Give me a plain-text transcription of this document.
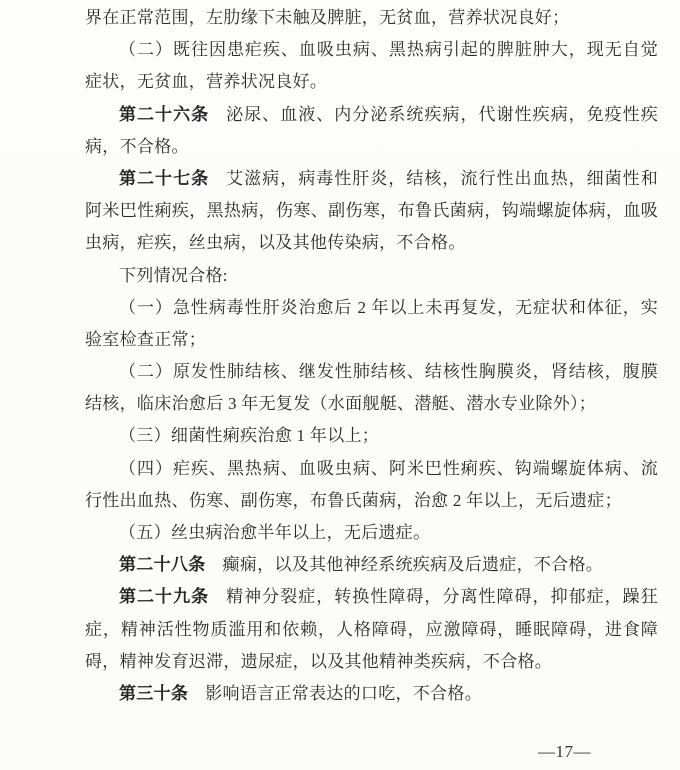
界在正常范围，左肋缘下未触及脾脏，无贫血，营养状况良好；
（二）既往因患疟疾、血吸虫病、黑热病引起的脾脏肿大，现无自觉
症状，无贫血，营养状况良好。
第二十六条 泌尿、血液、内分泌系统疾病，代谢性疾病，免疫性疾
病，不合格。
第二十七条 艾滋病，病毒性肝炎，结核，流行性出血热，细菌性和
阿米巴性痢疾，黑热病，伤寒、副伤寒，布鲁氏菌病，钩端螺旋体病，血吸
虫病，疟疾，丝虫病，以及其他传染病，不合格。
下列情况合格:
（一）急性病毒性肝炎治愈后 2 年以上未再复发，无症状和体征，实
验室检查正常；
（二）原发性肺结核、继发性肺结核、结核性胸膜炎，肾结核，腹膜
结核，临床治愈后 3 年无复发（水面舰艇、潜艇、潜水专业除外）；
（三）细菌性痢疾治愈 1 年以上；
（四）疟疾、黑热病、血吸虫病、阿米巴性痢疾、钩端螺旋体病、流
行性出血热、伤寒、副伤寒，布鲁氏菌病，治愈 2 年以上，无后遗症；
（五）丝虫病治愈半年以上，无后遗症。
第二十八条 癫痫，以及其他神经系统疾病及后遗症，不合格。
第二十九条 精神分裂症，转换性障碍，分离性障碍，抑郁症，躁狂
症，精神活性物质滥用和依赖，人格障碍，应激障碍，睡眠障碍，进食障
碍，精神发育迟滞，遗尿症，以及其他精神类疾病，不合格。
第三十条 影响语言正常表达的口吃，不合格。
—17—
